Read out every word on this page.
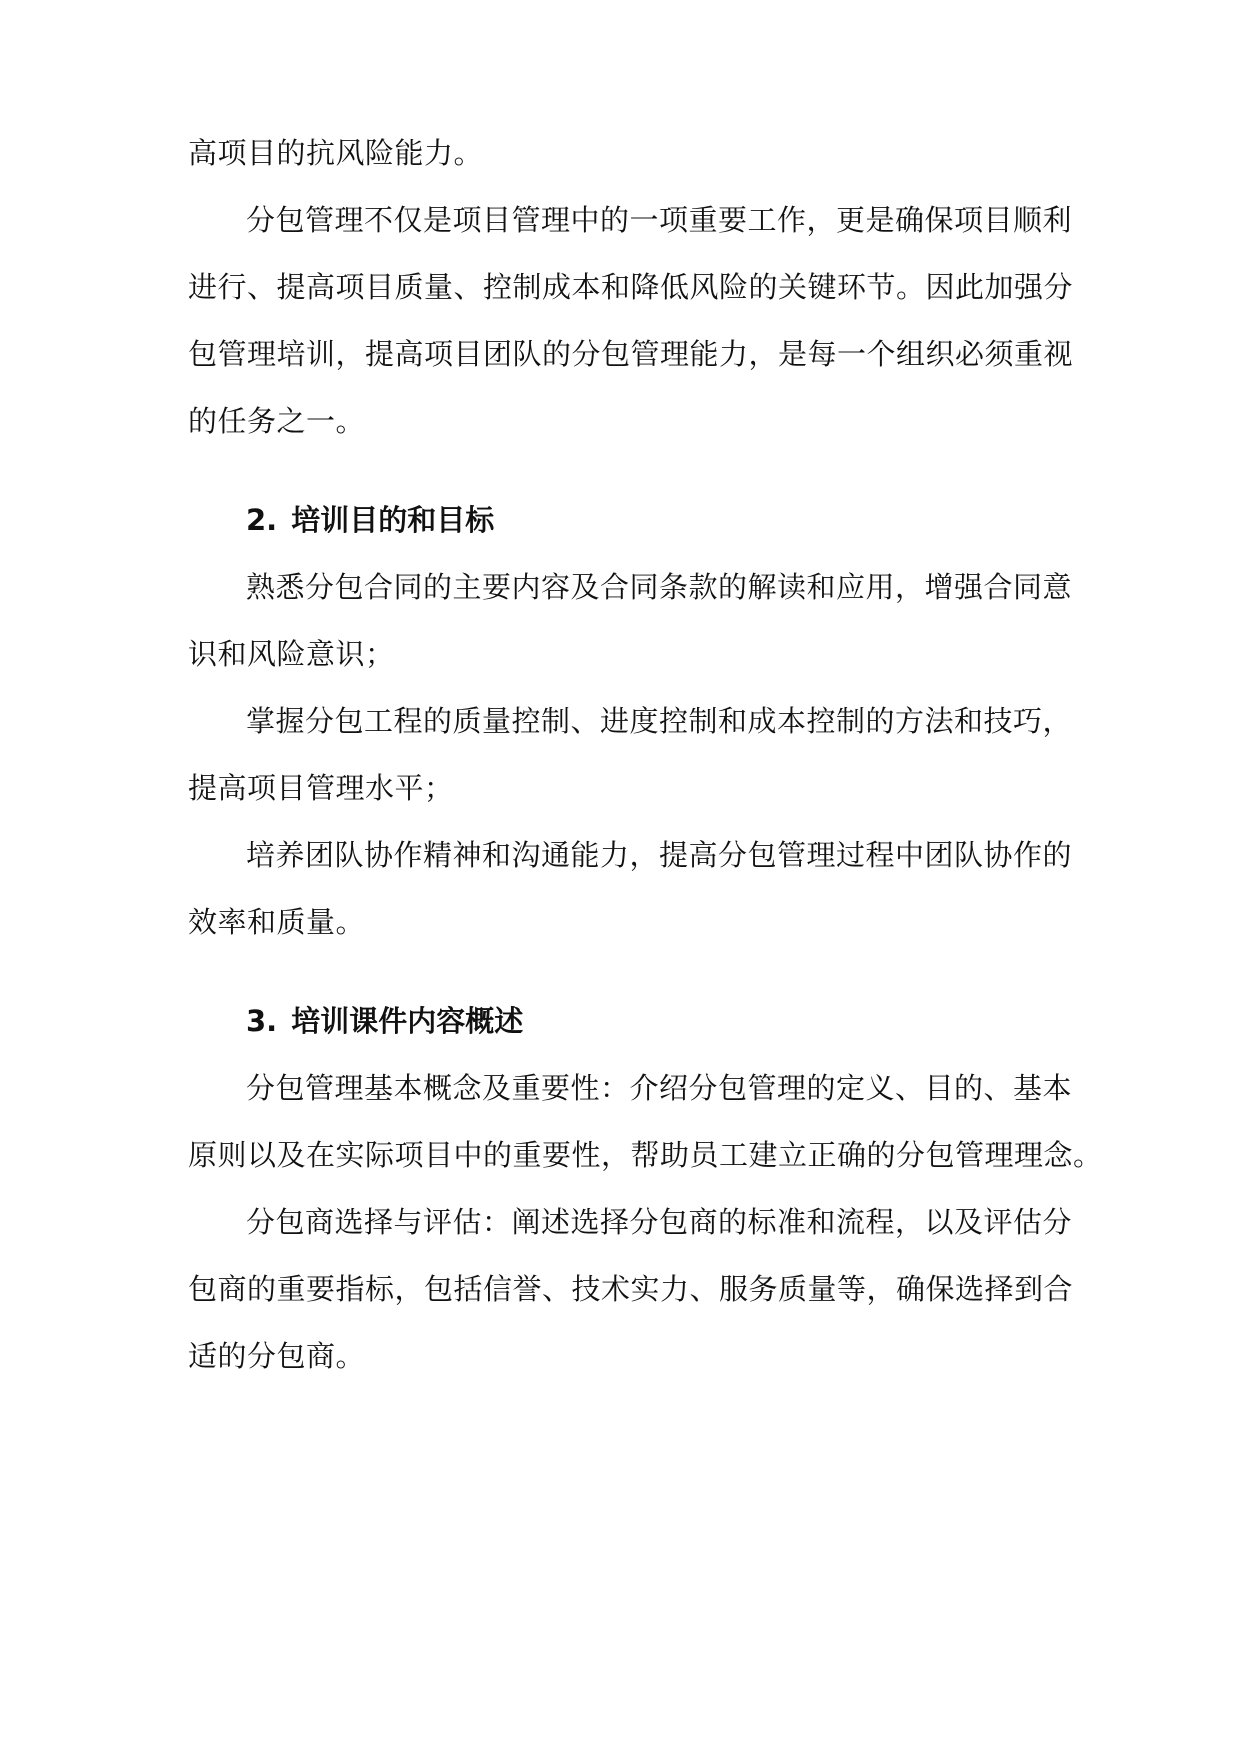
高项目的抗风险能力。
分包管理不仅是项目管理中的一项重要工作，更是确保项目顺利
进行、提高项目质量、控制成本和降低风险的关键环节。因此加强分
包管理培训，提高项目团队的分包管理能力，是每一个组织必须重视
的任务之一。
2. 培训目的和目标
熟悉分包合同的主要内容及合同条款的解读和应用，增强合同意
识和风险意识；
掌握分包工程的质量控制、进度控制和成本控制的方法和技巧，
提高项目管理水平；
培养团队协作精神和沟通能力，提高分包管理过程中团队协作的
效率和质量。
3. 培训课件内容概述
分包管理基本概念及重要性：介绍分包管理的定义、目的、基本
原则以及在实际项目中的重要性，帮助员工建立正确的分包管理理念。
分包商选择与评估：阐述选择分包商的标准和流程，以及评估分
包商的重要指标，包括信誉、技术实力、服务质量等，确保选择到合
适的分包商。
